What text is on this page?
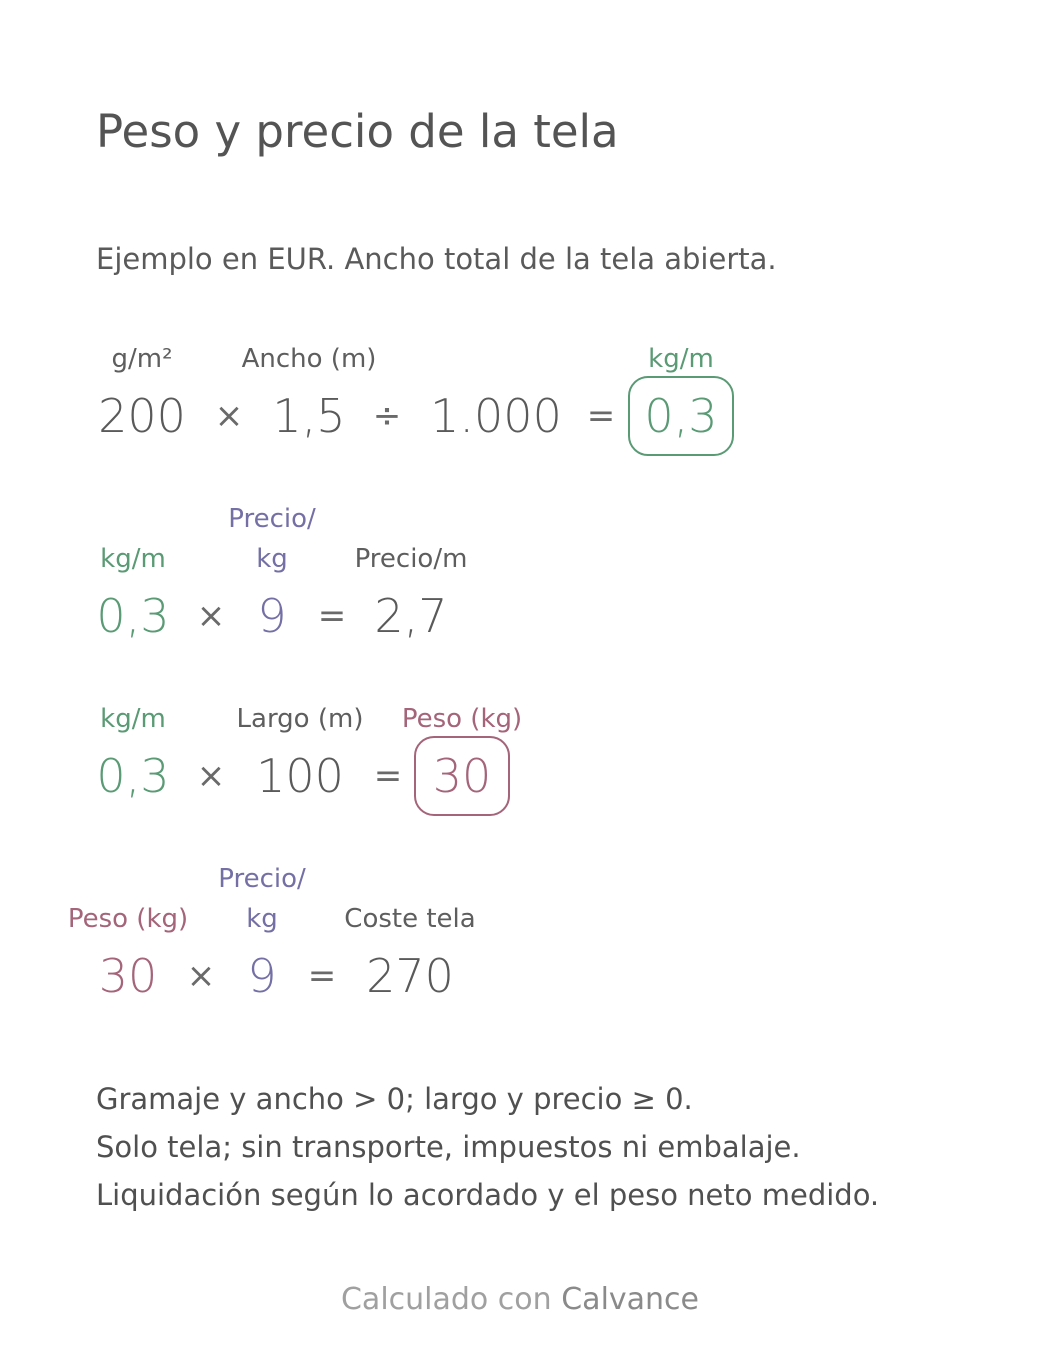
Peso y precio de la tela
Ejemplo en EUR. Ancho total de la tela abierta.
g/m²	Ancho (m)	kg/m
200 × 1,5 ÷ 1.000 = 0,3
kg/m
Precio/
kg	Precio/m
0,3 × 9 = 2,7
kg/m	Largo (m) Peso (kg)
0,3 × 100 = 30
Peso (kg)
Precio/
kg	Coste tela
30 × 9 = 270
Gramaje y ancho > 0; largo y precio ≥ 0.
Solo tela; sin transporte, impuestos ni embalaje.
Liquidación según lo acordado y el peso neto medido.
Calculado con Calvance
